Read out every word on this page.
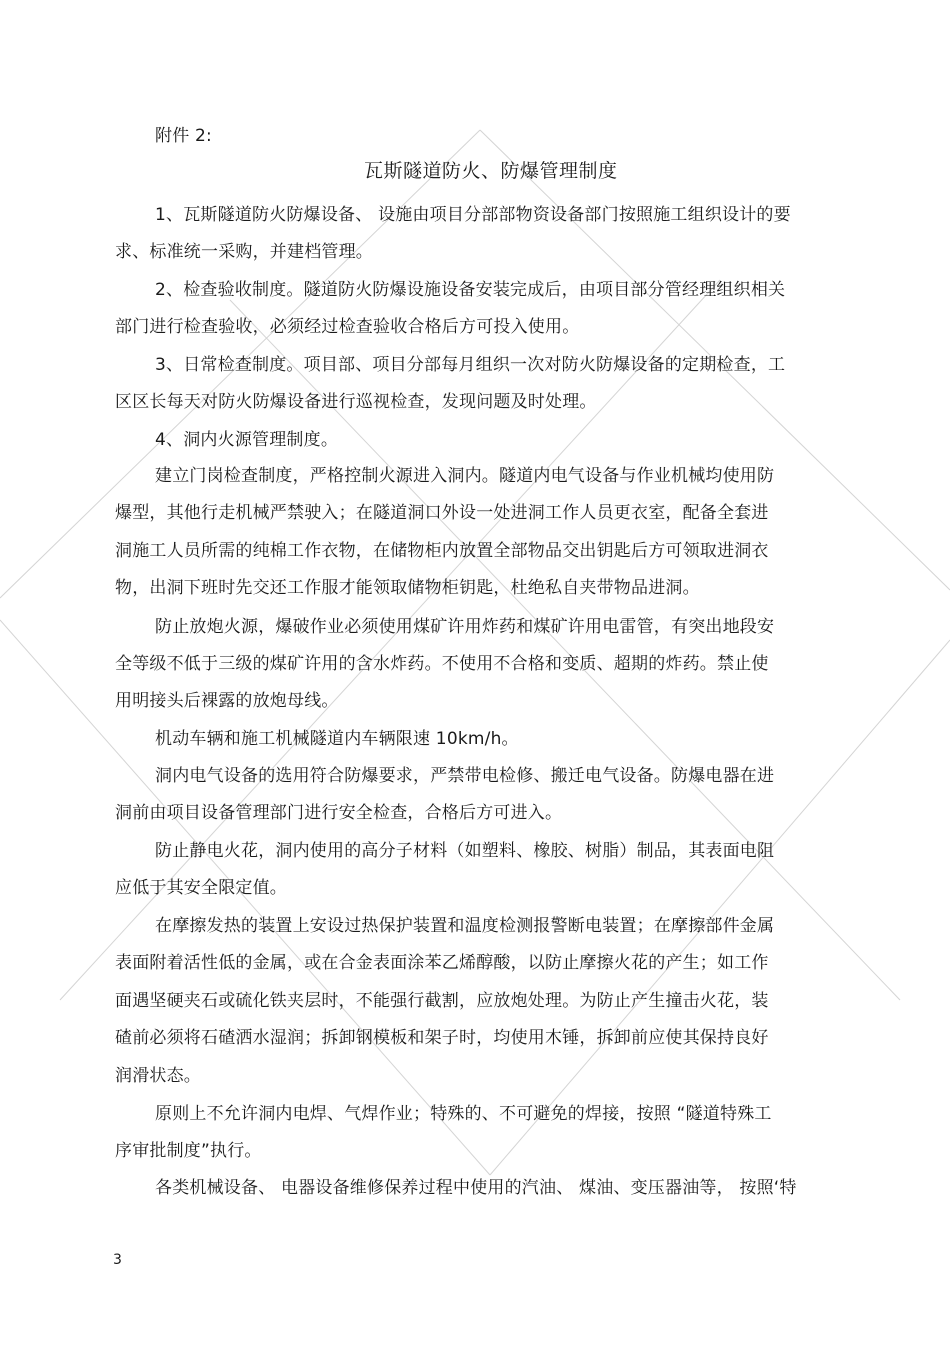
附件 2:
瓦斯隧道防火、防爆管理制度
1、瓦斯隧道防火防爆设备、 设施由项目分部部物资设备部门按照施工组织设计的要
求、标准统一采购，并建档管理。
2、检查验收制度。隧道防火防爆设施设备安装完成后，由项目部分管经理组织相关
部门进行检查验收，必须经过检查验收合格后方可投入使用。
3、日常检查制度。项目部、项目分部每月组织一次对防火防爆设备的定期检查，工
区区长每天对防火防爆设备进行巡视检查，发现问题及时处理。
4、洞内火源管理制度。
建立门岗检查制度，严格控制火源进入洞内。隧道内电气设备与作业机械均使用防
爆型，其他行走机械严禁驶入；在隧道洞口外设一处进洞工作人员更衣室，配备全套进
洞施工人员所需的纯棉工作衣物，在储物柜内放置全部物品交出钥匙后方可领取进洞衣
物，出洞下班时先交还工作服才能领取储物柜钥匙，杜绝私自夹带物品进洞。
防止放炮火源，爆破作业必须使用煤矿许用炸药和煤矿许用电雷管，有突出地段安
全等级不低于三级的煤矿许用的含水炸药。不使用不合格和变质、超期的炸药。禁止使
用明接头后裸露的放炮母线。
机动车辆和施工机械隧道内车辆限速 10km/h。
洞内电气设备的选用符合防爆要求，严禁带电检修、搬迁电气设备。防爆电器在进
洞前由项目设备管理部门进行安全检查，合格后方可进入。
防止静电火花，洞内使用的高分子材料（如塑料、橡胶、树脂）制品，其表面电阻
应低于其安全限定值。
在摩擦发热的装置上安设过热保护装置和温度检测报警断电装置；在摩擦部件金属
表面附着活性低的金属，或在合金表面涂苯乙烯醇酸，以防止摩擦火花的产生；如工作
面遇坚硬夹石或硫化铁夹层时，不能强行截割，应放炮处理。为防止产生撞击火花，装
碴前必须将石碴洒水湿润；拆卸钢模板和架子时，均使用木锤，拆卸前应使其保持良好
润滑状态。
原则上不允许洞内电焊、气焊作业；特殊的、不可避免的焊接，按照 “隧道特殊工
序审批制度”执行。
各类机械设备、 电器设备维修保养过程中使用的汽油、 煤油、变压器油等， 按照‘特
3
